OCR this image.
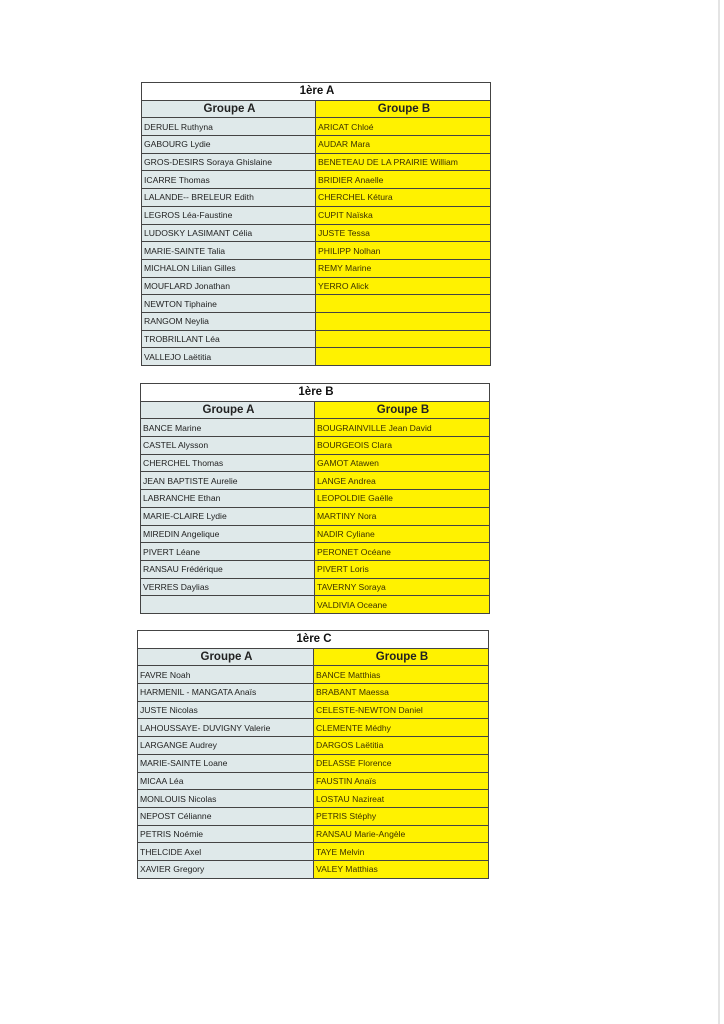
1ère A	
Groupe A	Groupe B
DERUEL Ruthyna	ARICAT Chloé
GABOURG Lydie	AUDAR Mara
GROS-DESIRS Soraya Ghislaine	BENETEAU DE LA PRAIRIE William
ICARRE Thomas	BRIDIER Anaelle
LALANDE-- BRELEUR Edith	CHERCHEL Kétura
LEGROS Léa-Faustine	CUPIT Naïska
LUDOSKY LASIMANT Célia	JUSTE Tessa
MARIE-SAINTE Talia	PHILIPP Nolhan
MICHALON Lilian Gilles	REMY Marine
MOUFLARD Jonathan	YERRO Alick
NEWTON Tiphaine	
RANGOM Neylia	
TROBRILLANT Léa	
VALLEJO Laëtitia	
1ère B	
Groupe A	Groupe B
BANCE Marine	BOUGRAINVILLE Jean David
CASTEL Alysson	BOURGEOIS Clara
CHERCHEL Thomas	GAMOT Atawen
JEAN BAPTISTE Aurelie	LANGE Andrea
LABRANCHE Ethan	LEOPOLDIE Gaëlle
MARIE-CLAIRE Lydie	MARTINY Nora
MIREDIN Angelique	NADIR Cyliane
PIVERT Léane	PERONET Océane
RANSAU Frédérique	PIVERT Loris
VERRES Daylias	TAVERNY Soraya
	VALDIVIA Oceane
1ère C	
Groupe A	Groupe B
FAVRE Noah	BANCE Matthias
HARMENIL - MANGATA Anaïs	BRABANT Maessa
JUSTE Nicolas	CELESTE-NEWTON Daniel
LAHOUSSAYE- DUVIGNY Valerie	CLEMENTE Médhy
LARGANGE Audrey	DARGOS Laëtitia
MARIE-SAINTE Loane	DELASSE Florence
MICAA Léa	FAUSTIN Anaïs
MONLOUIS Nicolas	LOSTAU Nazireat
NEPOST Célianne	PETRIS Stéphy
PETRIS Noémie	RANSAU Marie-Angèle
THELCIDE Axel	TAYE Melvin
XAVIER Gregory	VALEY Matthias
